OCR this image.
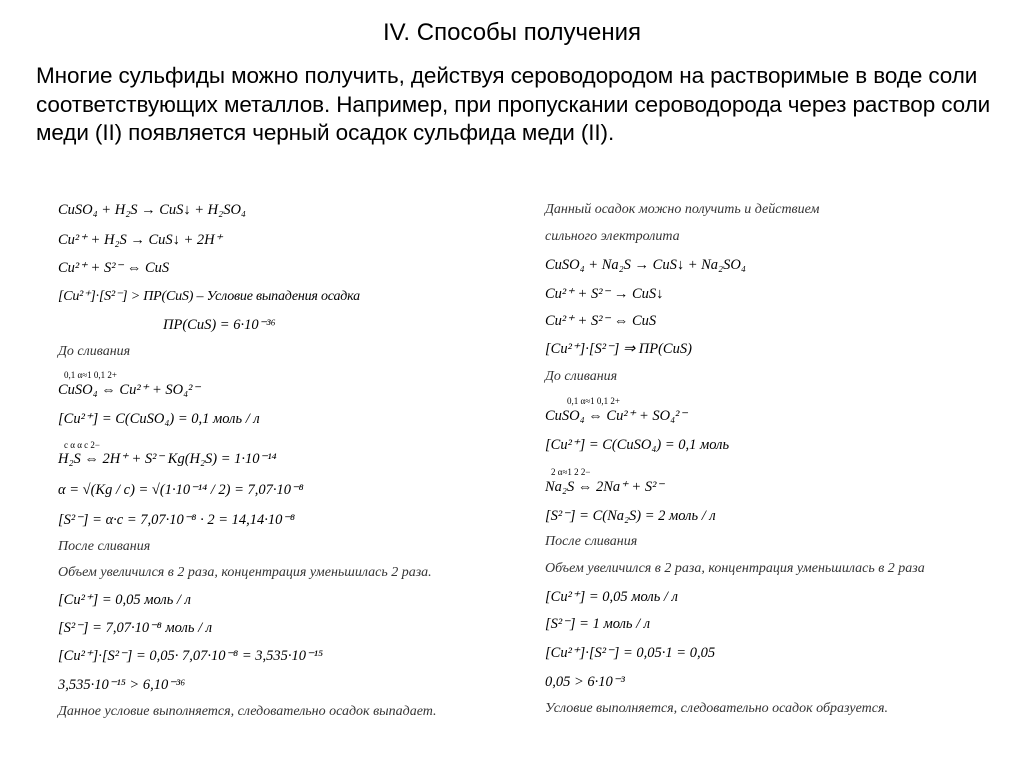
IV. Способы получения
Многие сульфиды можно получить, действуя сероводородом на растворимые в воде соли соответствующих металлов. Например, при пропускании сероводорода через раствор соли меди (II) появляется черный осадок сульфида меди (II).
CuSO₄ + H₂S → CuS↓ + H₂SO₄
Cu²⁺ + H₂S → CuS↓ + 2H⁺
Cu²⁺ + S²⁻ ⇔ CuS
[Cu²⁺]·[S²⁻] > ПР(CuS) – Условие выпадения осадка
ПР(CuS) = 6·10⁻³⁶
До сливания
0,1 α≈1 0,1 2+
CuSO₄ ⇔ Cu²⁺ + SO₄²⁻
[Cu²⁺] = C(CuSO₄) = 0,1 моль / л
c α α c 2−
H₂S ⇔ 2H⁺ + S²⁻ Kg(H₂S) = 1·10⁻¹⁴
α = √(Kg / c) = √(1·10⁻¹⁴ / 2) = 7,07·10⁻⁸
[S²⁻] = α·c = 7,07·10⁻⁸ · 2 = 14,14·10⁻⁸
После сливания
Объем увеличился в 2 раза, концентрация уменьшилась 2 раза.
[Cu²⁺] = 0,05 моль / л
[S²⁻] = 7,07·10⁻⁸ моль / л
[Cu²⁺]·[S²⁻] = 0,05· 7,07·10⁻⁸ = 3,535·10⁻¹⁵
3,535·10⁻¹⁵ > 6,10⁻³⁶
Данное условие выполняется, следовательно осадок выпадает.
Данный осадок можно получить и действием
сильного электролита
CuSO₄ + Na₂S → CuS↓ + Na₂SO₄
Cu²⁺ + S²⁻ → CuS↓
Cu²⁺ + S²⁻ ⇔ CuS
[Cu²⁺]·[S²⁻] ⇒ ПР(CuS)
До сливания
0,1 α≈1 0,1 2+
CuSO₄ ⇔ Cu²⁺ + SO₄²⁻
[Cu²⁺] = C(CuSO₄) = 0,1 моль
2 α≈1 2 2−
Na₂S ⇔ 2Na⁺ + S²⁻
[S²⁻] = C(Na₂S) = 2 моль / л
После сливания
Объем увеличился в 2 раза, концентрация уменьшилась в 2 раза
[Cu²⁺] = 0,05 моль / л
[S²⁻] = 1 моль / л
[Cu²⁺]·[S²⁻] = 0,05·1 = 0,05
0,05 > 6·10⁻³
Условие выполняется, следовательно осадок образуется.
